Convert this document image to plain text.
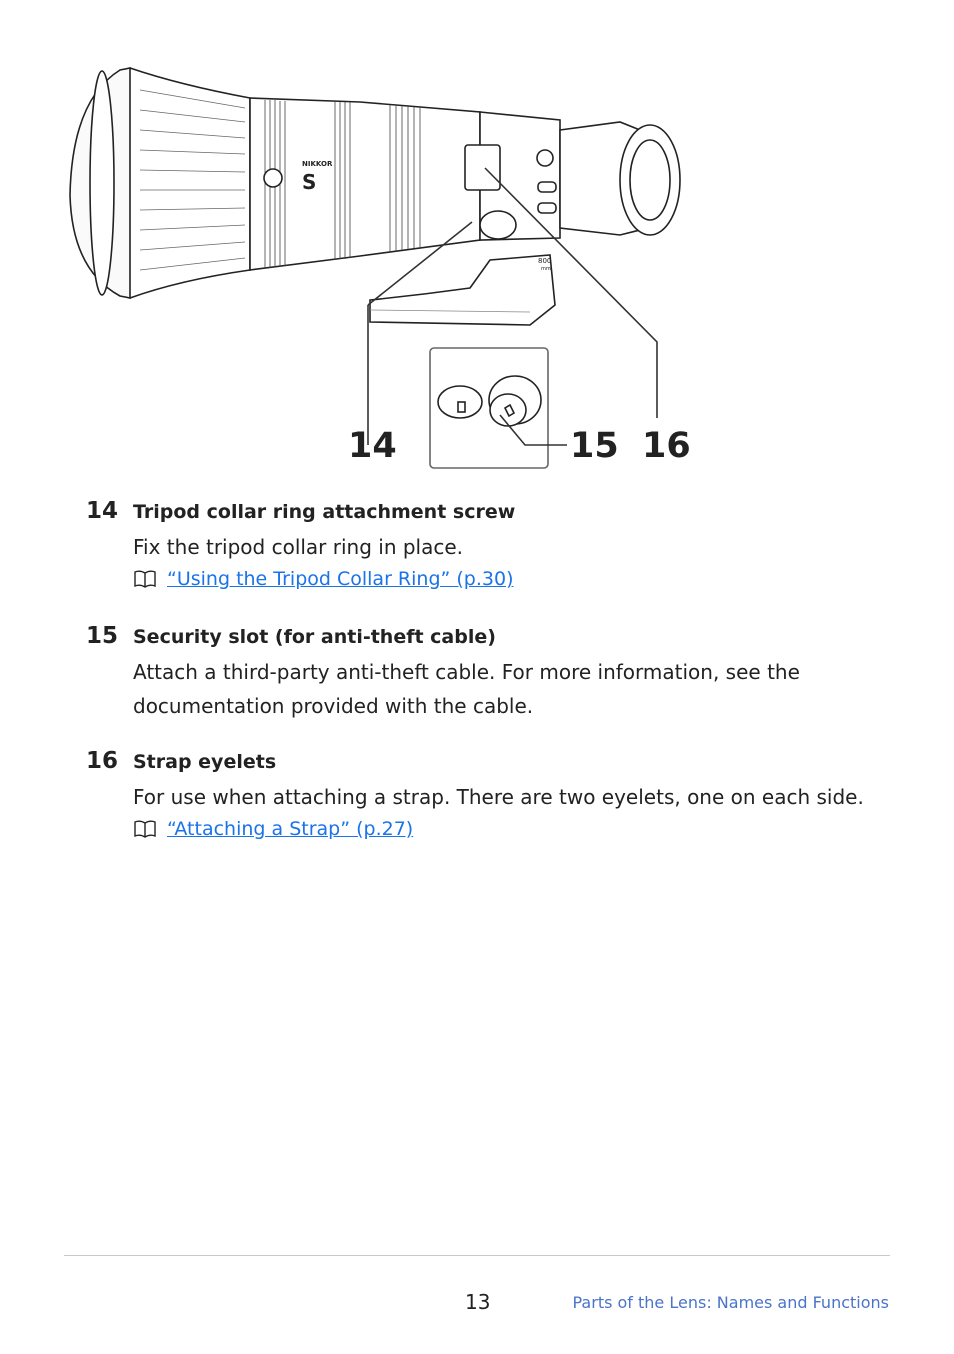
NIKKOR
S
800
mm
14	15 16
14 Tripod collar ring attachment screw
Fix the tripod collar ring in place.
“Using the Tripod Collar Ring” (p.30)
15 Security slot (for anti-theft cable)
Attach a third-party anti-theft cable. For more information, see the
documentation provided with the cable.
16 Strap eyelets
For use when attaching a strap. There are two eyelets, one on each side.
“Attaching a Strap” (p.27)
13	Parts of the Lens: Names and Functions
